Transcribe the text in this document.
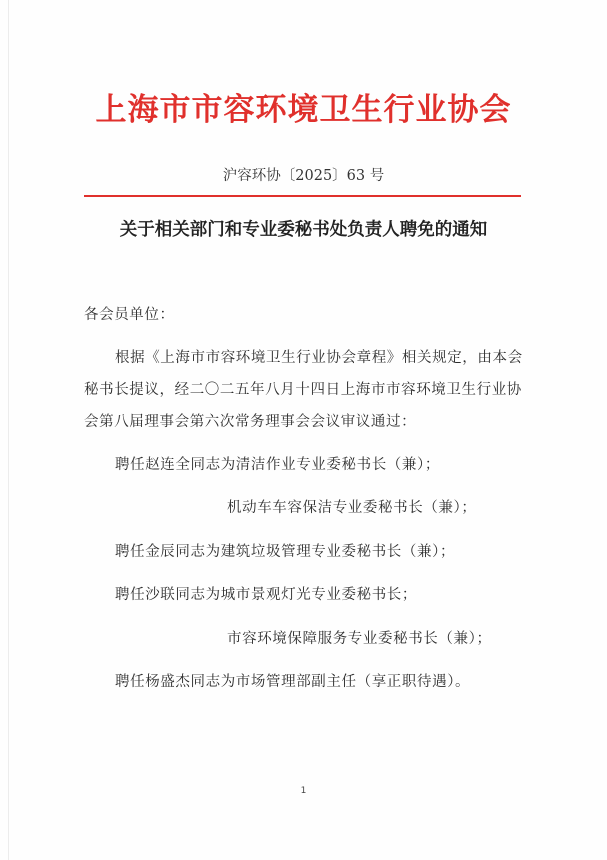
上海市市容环境卫生行业协会
沪容环协〔2025〕63 号
关于相关部门和专业委秘书处负责人聘免的通知
各会员单位：
根据《上海市市容环境卫生行业协会章程》相关规定，由本会
秘书长提议，经二〇二五年八月十四日上海市市容环境卫生行业协
会第八届理事会第六次常务理事会会议审议通过：
聘任赵连全同志为清洁作业专业委秘书长（兼）；
机动车车容保洁专业委秘书长（兼）；
聘任金辰同志为建筑垃圾管理专业委秘书长（兼）；
聘任沙联同志为城市景观灯光专业委秘书长；
市容环境保障服务专业委秘书长（兼）；
聘任杨盛杰同志为市场管理部副主任（享正职待遇）。
1
